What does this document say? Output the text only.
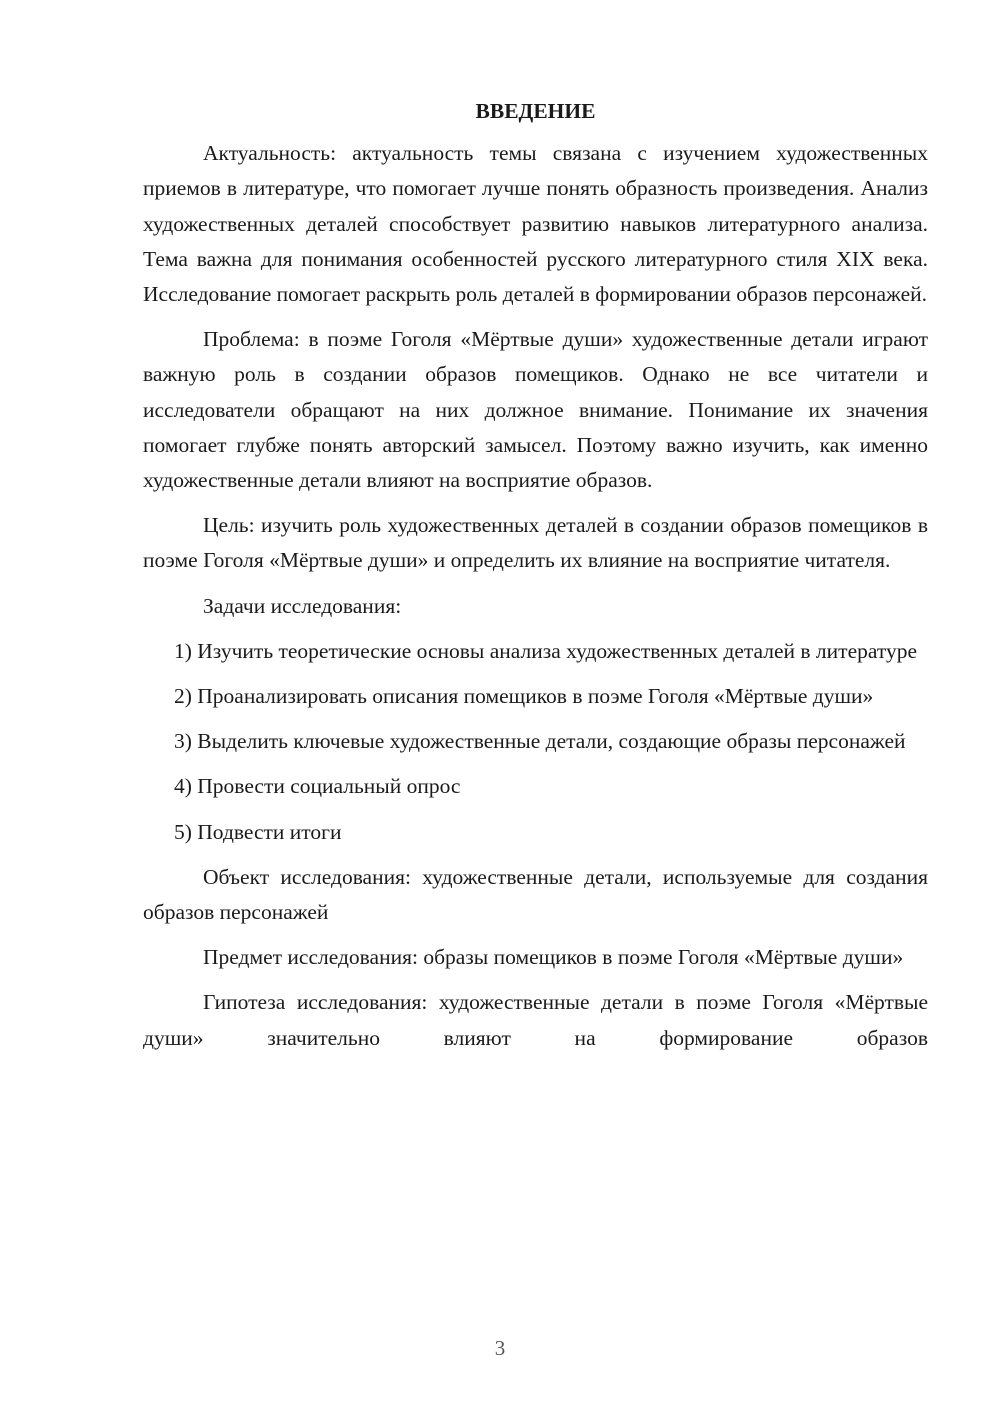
ВВЕДЕНИЕ

Актуальность: актуальность темы связана с изучением художественных приемов в литературе, что помогает лучше понять образность произведения. Анализ художественных деталей способствует развитию навыков литературного анализа. Тема важна для понимания особенностей русского литературного стиля XIX века. Исследование помогает раскрыть роль деталей в формировании образов персонажей.

Проблема: в поэме Гоголя «Мёртвые души» художественные детали играют важную роль в создании образов помещиков. Однако не все читатели и исследователи обращают на них должное внимание. Понимание их значения помогает глубже понять авторский замысел. Поэтому важно изучить, как именно художественные детали влияют на восприятие образов.

Цель: изучить роль художественных деталей в создании образов помещиков в поэме Гоголя «Мёртвые души» и определить их влияние на восприятие читателя.

Задачи исследования:

1) Изучить теоретические основы анализа художественных деталей в литературе

2) Проанализировать описания помещиков в поэме Гоголя «Мёртвые души»

3) Выделить ключевые художественные детали, создающие образы персонажей

4) Провести социальный опрос

5) Подвести итоги

Объект исследования: художественные детали, используемые для создания образов персонажей

Предмет исследования: образы помещиков в поэме Гоголя «Мёртвые души»

Гипотеза исследования: художественные детали в поэме Гоголя «Мёртвые души» значительно влияют на формирование образов

3
